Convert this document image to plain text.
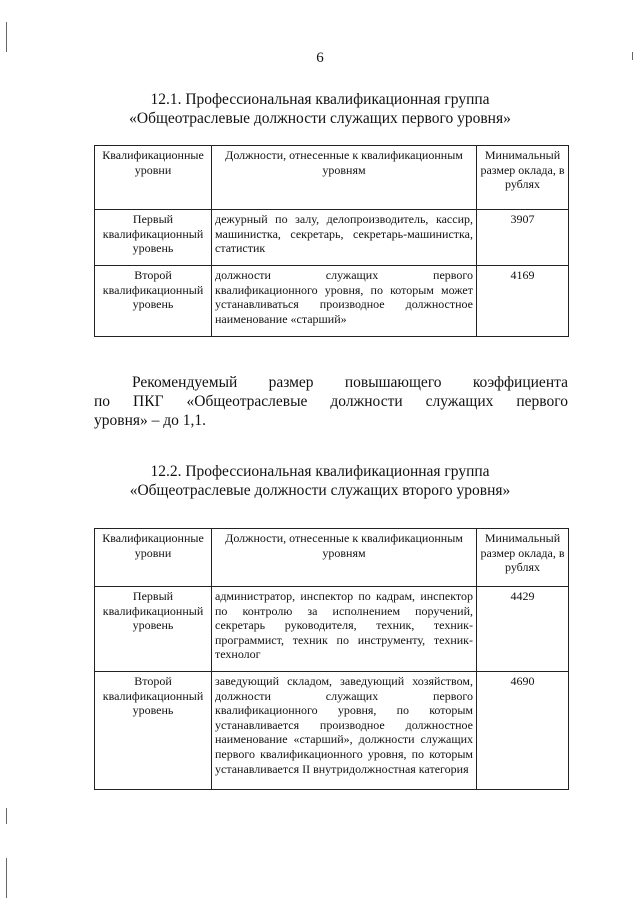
6
12.1. Профессиональная квалификационная группа
«Общеотраслевые должности служащих первого уровня»
Квалификационные уровни	Должности, отнесенные к квалификационным уровням	Минимальный размер оклада, в рублях
Первый квалификационный уровень	дежурный по залу, делопроизводитель, кассир, машинистка, секретарь, секретарь-машинистка, статистик	3907
Второй квалификационный уровень	должности служащих первого квалификационного уровня, по которым может устанавливаться производное должностное наименование «старший»	4169
Рекомендуемый размер повышающего коэффициента
по ПКГ «Общеотраслевые должности служащих первого
уровня» – до 1,1.
12.2. Профессиональная квалификационная группа
«Общеотраслевые должности служащих второго уровня»
Квалификационные уровни	Должности, отнесенные к квалификационным уровням	Минимальный размер оклада, в рублях
Первый квалификационный уровень	администратор, инспектор по кадрам, инспектор по контролю за исполнением поручений, секретарь руководителя, техник, техник-программист, техник по инструменту, техник-технолог	4429
Второй квалификационный уровень	заведующий складом, заведующий хозяйством, должности служащих первого квалификационного уровня, по которым устанавливается производное должностное наименование «старший», должности служащих первого квалификационного уровня, по которым устанавливается II внутридолжностная категория	4690
